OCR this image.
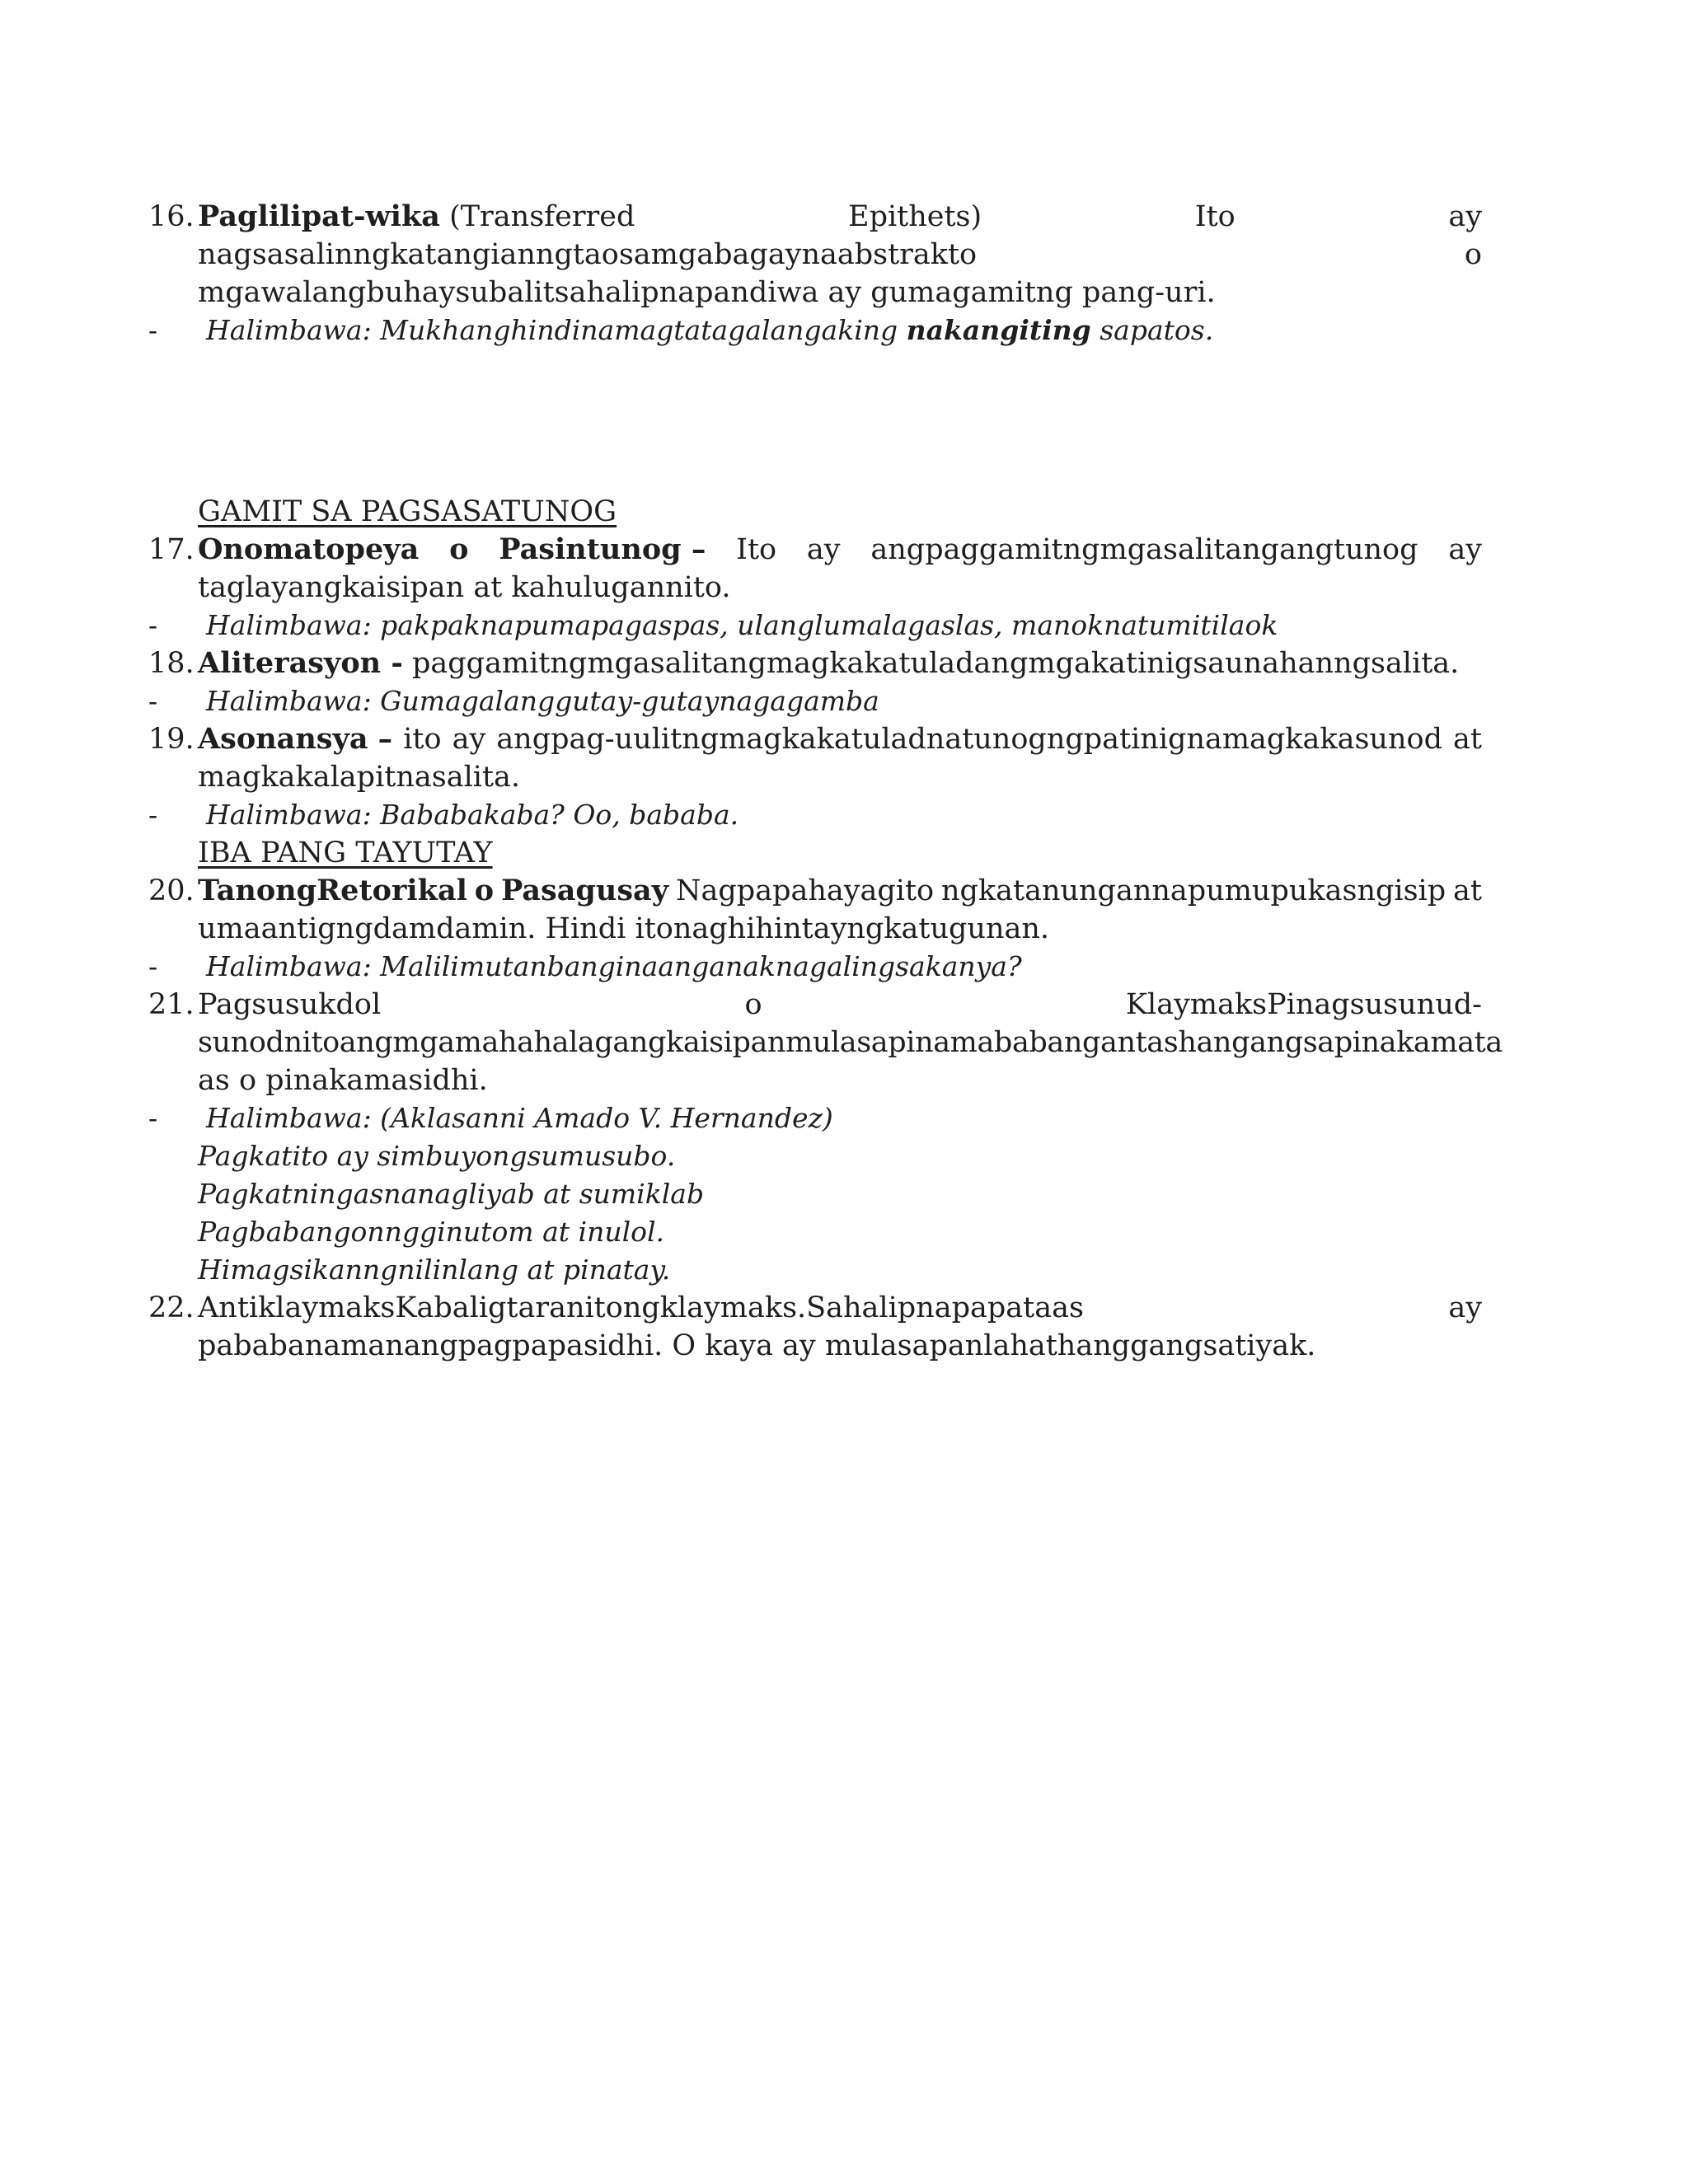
16. Paglilipat-wika (Transferred	Epithets)	Ito	ay
nagsasalinngkatangianngtaosamgabagaynaabstrakto	o
mgawalangbuhaysubalitsahalipnapandiwa ay gumagamitng pang-uri.
- Halimbawa: Mukhanghindinamagtatagalangaking nakangiting sapatos.
GAMIT SA PAGSASATUNOG
17. Onomatopeya o Pasintunog – Ito ay angpaggamitngmgasalitangangtunog ay
taglayangkaisipan at kahulugannito.
- Halimbawa: pakpaknapumapagaspas, ulanglumalagaslas, manoknatumitilaok
18. Aliterasyon - paggamitngmgasalitangmagkakatuladangmgakatinigsaunahanngsalita.
- Halimbawa: Gumagalanggutay-gutaynagagamba
19. Asonansya – ito ay angpag-uulitngmagkakatuladnatunogngpatinignamagkakasunod at
magkakalapitnasalita.
- Halimbawa: Bababakaba? Oo, bababa.
IBA PANG TAYUTAY
20. TanongRetorikal o Pasagusay Nagpapahayagito ngkatanungannapumupukasngisip at
umaantigngdamdamin. Hindi itonaghihintayngkatugunan.
- Halimbawa: Malilimutanbanginaanganaknagalingsakanya?
21. Pagsusukdol	o	KlaymaksPinagsusunud-
sunodnitoangmgamahahalagangkaisipanmulasapinamababangantashangangsapinakamata
as o pinakamasidhi.
- Halimbawa: (Aklasanni Amado V. Hernandez)
Pagkatito ay simbuyongsumusubo.
Pagkatningasnanagliyab at sumiklab
Pagbabangonngginutom at inulol.
Himagsikanngnilinlang at pinatay.
22. AntiklaymaksKabaligtaranitongklaymaks.Sahalipnapapataas	ay
pababanamanangpagpapasidhi. O kaya ay mulasapanlahathanggangsatiyak.
